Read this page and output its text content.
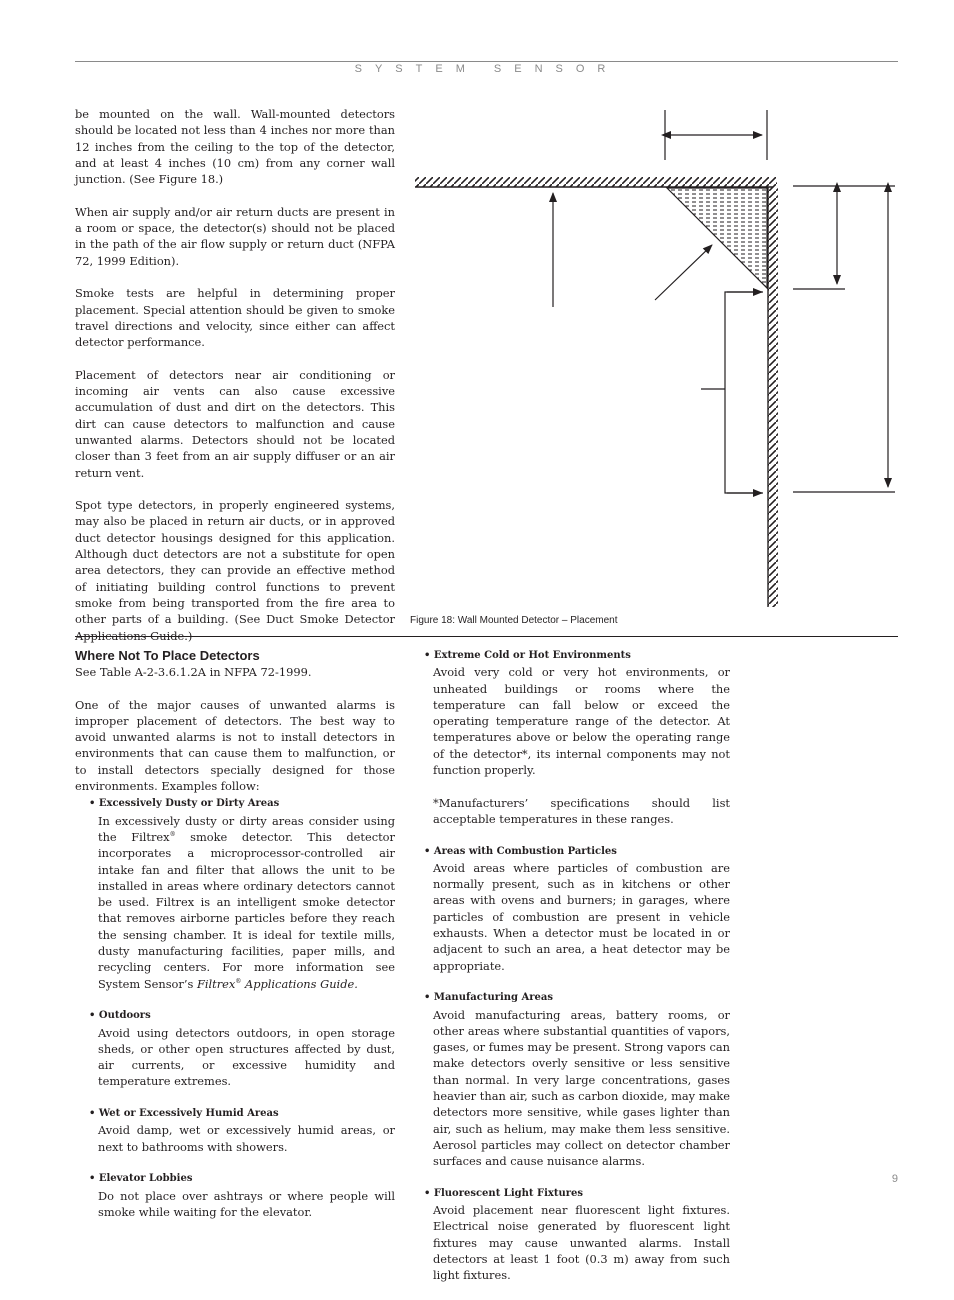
SYSTEM SENSOR

be mounted on the wall. Wall-mounted detectors should be located not less than 4 inches nor more than 12 inches from the ceiling to the top of the detector, and at least 4 inches (10 cm) from any corner wall junction. (See Figure 18.)

When air supply and/or air return ducts are present in a room or space, the detector(s) should not be placed in the path of the air flow supply or return duct (NFPA 72, 1999 Edition).

Smoke tests are helpful in determining proper placement. Special attention should be given to smoke travel directions and velocity, since either can affect detector performance.

Placement of detectors near air conditioning or incoming air vents can also cause excessive accumulation of dust and dirt on the detectors. This dirt can cause detectors to malfunction and cause unwanted alarms. Detectors should not be located closer than 3 feet from an air supply diffuser or an air return vent.

Spot type detectors, in properly engineered systems, may also be placed in return air ducts, or in approved duct detector housings designed for this application. Although duct detectors are not a substitute for open area detectors, they can provide an effective method of initiating building control functions to prevent smoke from being transported from the fire area to other parts of a building. (See Duct Smoke Detector Applications Guide.)

Figure 18: Wall Mounted Detector – Placement
Where Not To Place Detectors

See Table A-2-3.6.1.2A in NFPA 72-1999.

One of the major causes of unwanted alarms is improper placement of detectors. The best way to avoid unwanted alarms is not to install detectors in environments that can cause them to malfunction, or to install detectors specially designed for those environments. Examples follow:

• Excessively Dusty or Dirty Areas

In excessively dusty or dirty areas consider using the Filtrex® smoke detector. This detector incorporates a microprocessor-controlled air intake fan and filter that allows the unit to be installed in areas where ordinary detectors cannot be used. Filtrex is an intelligent smoke detector that removes airborne particles before they reach the sensing chamber. It is ideal for textile mills, dusty manufacturing facilities, paper mills, and recycling centers. For more information see System Sensor’s Filtrex® Applications Guide.

• Outdoors

Avoid using detectors outdoors, in open storage sheds, or other open structures affected by dust, air currents, or excessive humidity and temperature extremes.

• Wet or Excessively Humid Areas

Avoid damp, wet or excessively humid areas, or next to bathrooms with showers.

• Elevator Lobbies

Do not place over ashtrays or where people will smoke while waiting for the elevator.

• Extreme Cold or Hot Environments

Avoid very cold or very hot environments, or unheated buildings or rooms where the temperature can fall below or exceed the operating temperature range of the detector. At temperatures above or below the operating range of the detector*, its internal components may not function properly.

*Manufacturers’ specifications should list acceptable temperatures in these ranges.

• Areas with Combustion Particles

Avoid areas where particles of combustion are normally present, such as in kitchens or other areas with ovens and burners; in garages, where particles of combustion are present in vehicle exhausts. When a detector must be located in or adjacent to such an area, a heat detector may be appropriate.

• Manufacturing Areas

Avoid manufacturing areas, battery rooms, or other areas where substantial quantities of vapors, gases, or fumes may be present. Strong vapors can make detectors overly sensitive or less sensitive than normal. In very large concentrations, gases heavier than air, such as carbon dioxide, may make detectors more sensitive, while gases lighter than air, such as helium, may make them less sensitive. Aerosol particles may collect on detector chamber surfaces and cause nuisance alarms.

• Fluorescent Light Fixtures

Avoid placement near fluorescent light fixtures. Electrical noise generated by fluorescent light fixtures may cause unwanted alarms. Install detectors at least 1 foot (0.3 m) away from such light fixtures.

9
